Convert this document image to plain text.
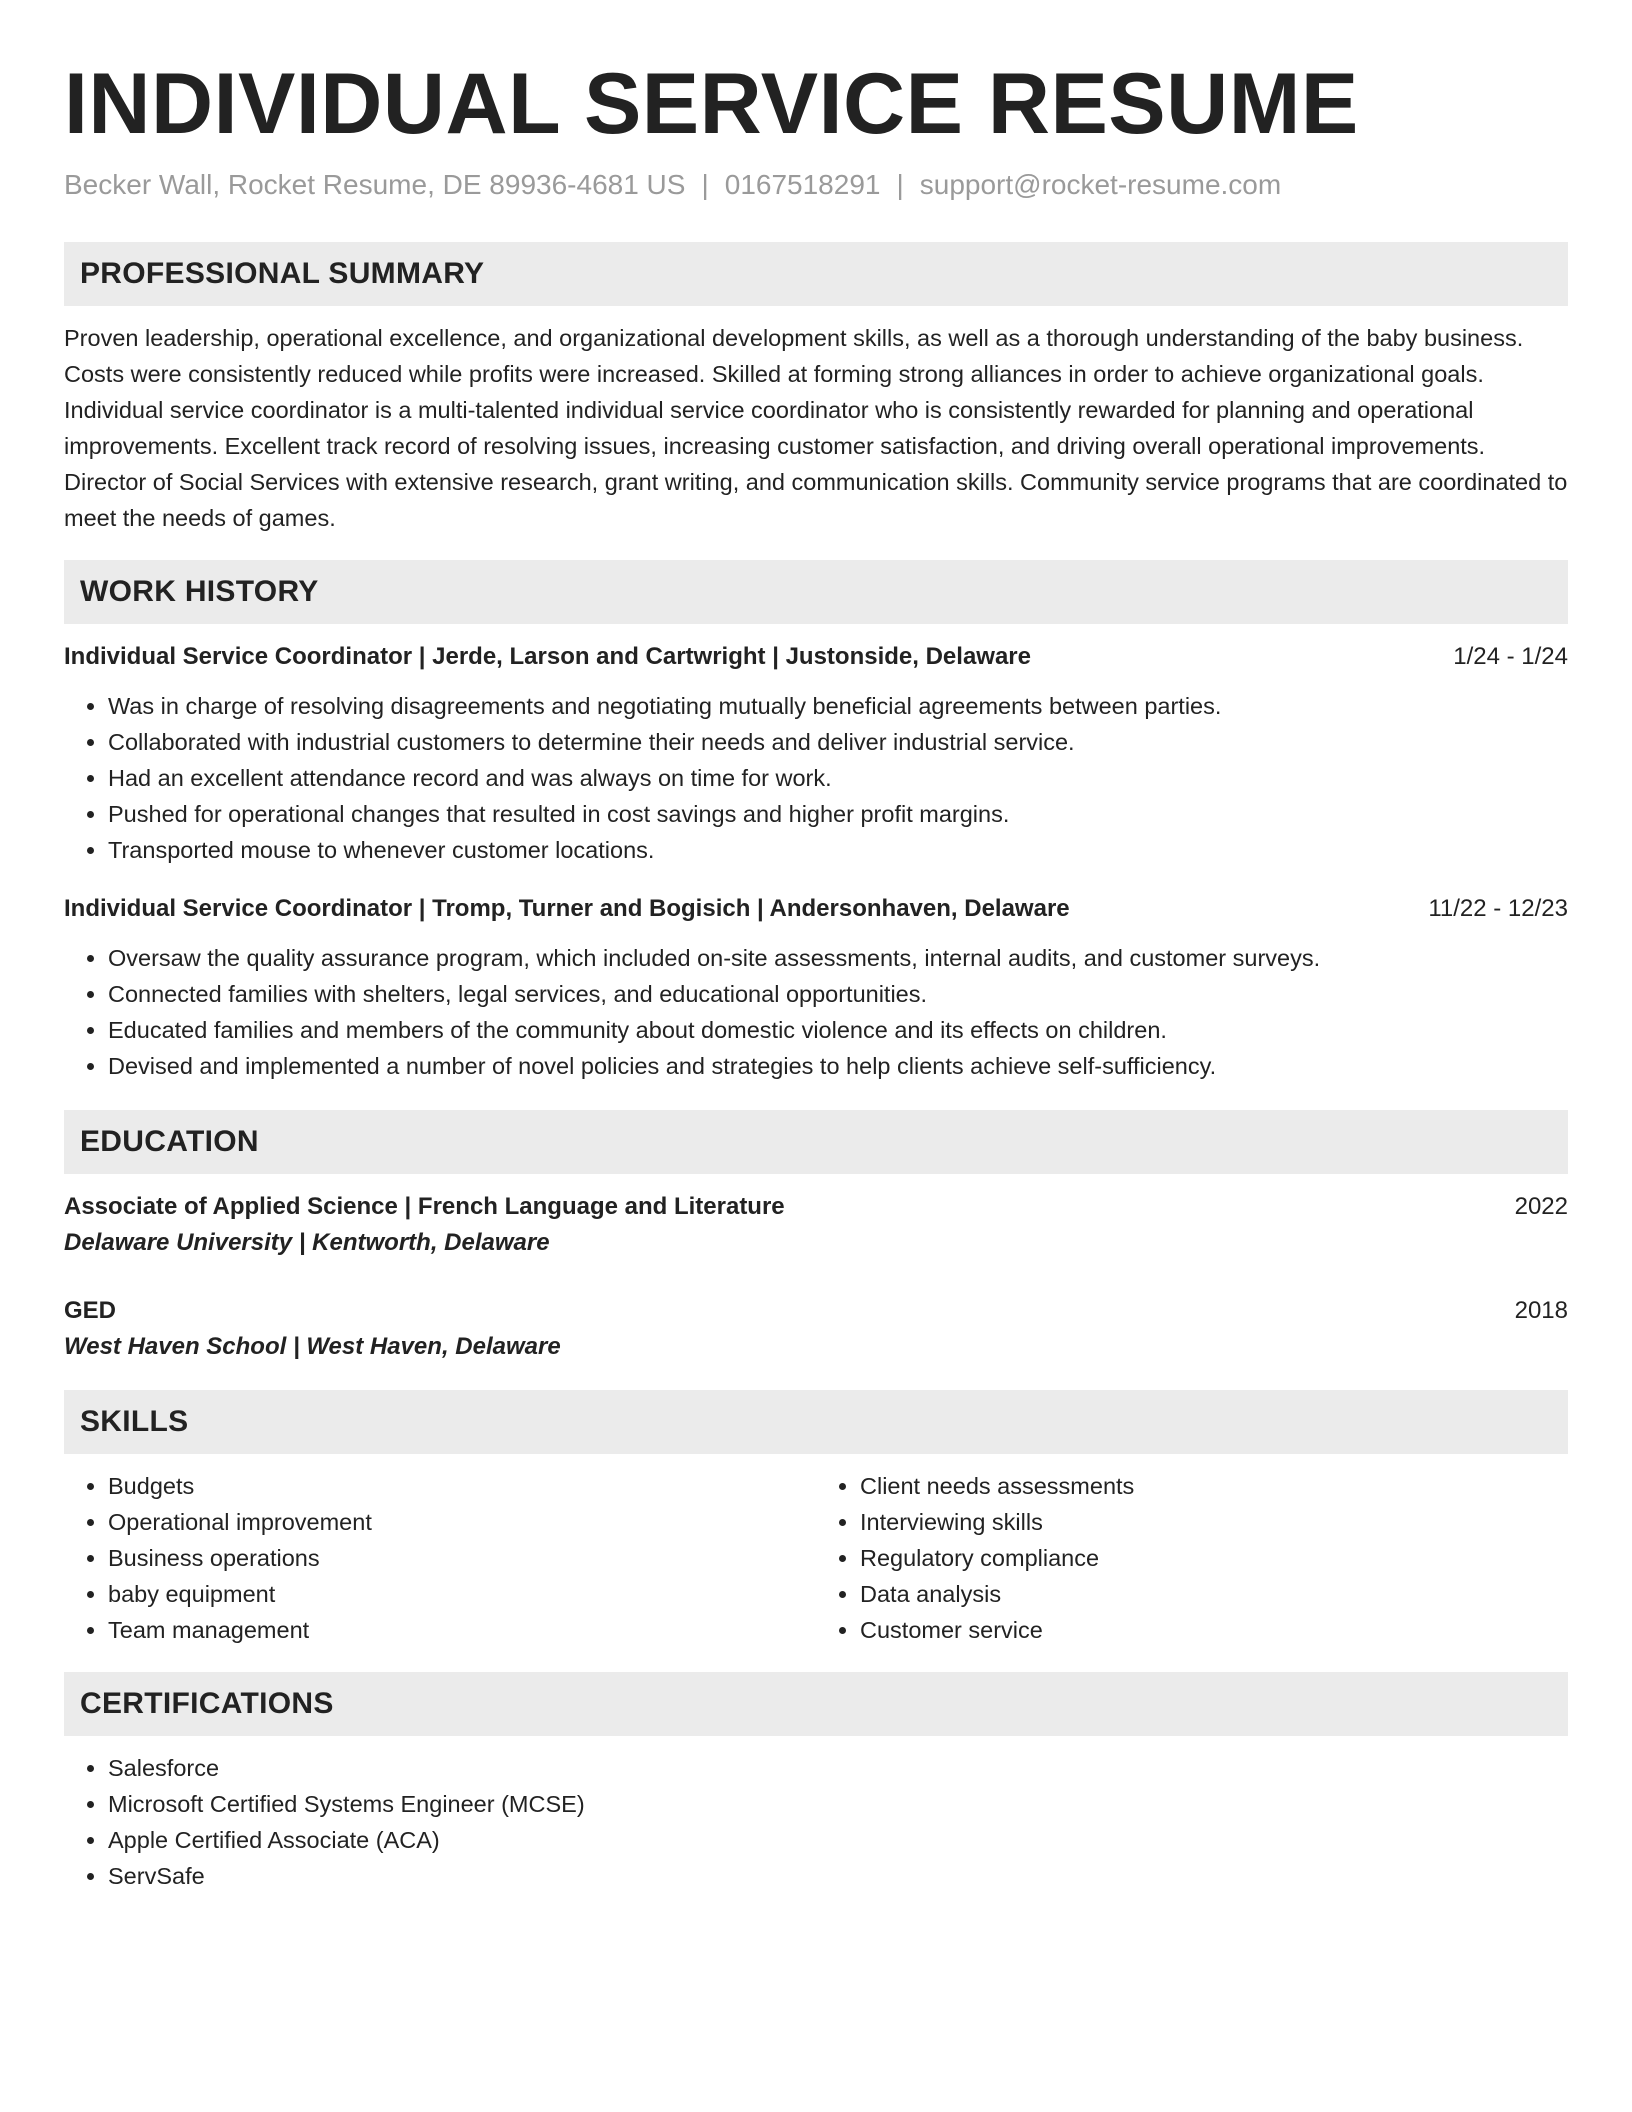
INDIVIDUAL SERVICE RESUME
Becker Wall, Rocket Resume, DE 89936-4681 US | 0167518291 | support@rocket-resume.com
PROFESSIONAL SUMMARY
Proven leadership, operational excellence, and organizational development skills, as well as a thorough understanding of the baby business. Costs were consistently reduced while profits were increased. Skilled at forming strong alliances in order to achieve organizational goals. Individual service coordinator is a multi-talented individual service coordinator who is consistently rewarded for planning and operational improvements. Excellent track record of resolving issues, increasing customer satisfaction, and driving overall operational improvements. Director of Social Services with extensive research, grant writing, and communication skills. Community service programs that are coordinated to meet the needs of games.
WORK HISTORY
Individual Service Coordinator | Jerde, Larson and Cartwright | Justonside, Delaware	1/24 - 1/24
• Was in charge of resolving disagreements and negotiating mutually beneficial agreements between parties.
• Collaborated with industrial customers to determine their needs and deliver industrial service.
• Had an excellent attendance record and was always on time for work.
• Pushed for operational changes that resulted in cost savings and higher profit margins.
• Transported mouse to whenever customer locations.
Individual Service Coordinator | Tromp, Turner and Bogisich | Andersonhaven, Delaware	11/22 - 12/23
• Oversaw the quality assurance program, which included on-site assessments, internal audits, and customer surveys.
• Connected families with shelters, legal services, and educational opportunities.
• Educated families and members of the community about domestic violence and its effects on children.
• Devised and implemented a number of novel policies and strategies to help clients achieve self-sufficiency.
EDUCATION
Associate of Applied Science | French Language and Literature	2022
Delaware University | Kentworth, Delaware
GED	2018
West Haven School | West Haven, Delaware
SKILLS
• Budgets
• Operational improvement
• Business operations
• baby equipment
• Team management
• Client needs assessments
• Interviewing skills
• Regulatory compliance
• Data analysis
• Customer service
CERTIFICATIONS
• Salesforce
• Microsoft Certified Systems Engineer (MCSE)
• Apple Certified Associate (ACA)
• ServSafe
